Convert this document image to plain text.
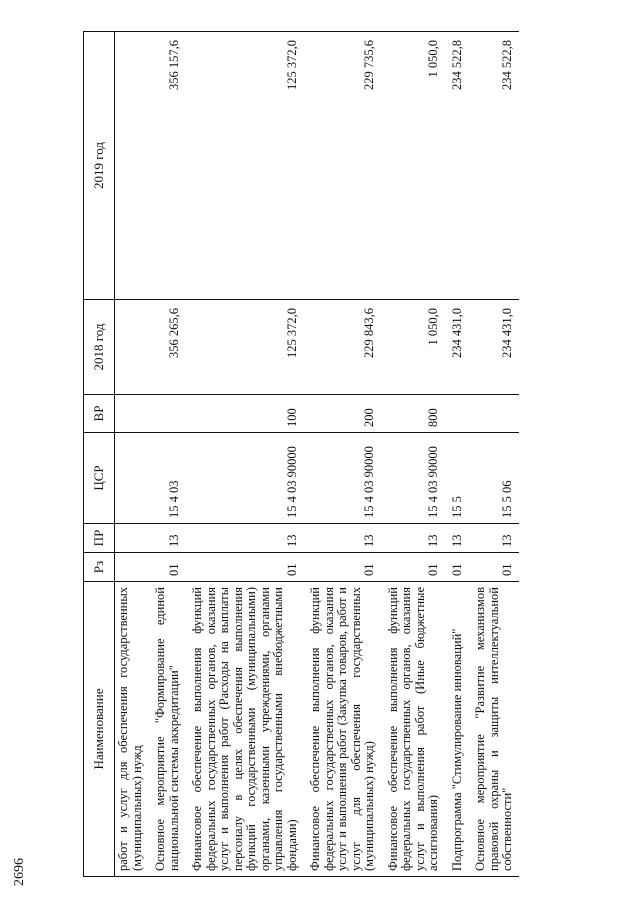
2696
Наименование	Рз	ПР	ЦСР	ВР	2018 год	2019 год
работ и услуг для обеспечения государственных (муниципальных) нужд						
Основное мероприятие "Формирование единой национальной системы аккредитации"	01	13	15 4 03		356 265,6	356 157,6
Финансовое обеспечение выполнения функций федеральных государственных органов, оказания услуг и выполнения работ (Расходы на выплаты персоналу в целях обеспечения выполнения функций государственными (муниципальными) органами, казенными учреждениями, органами управления государственными внебюджетными фондами)	01	13	15 4 03 90000	100	125 372,0	125 372,0
Финансовое обеспечение выполнения функций федеральных государственных органов, оказания услуг и выполнения работ (Закупка товаров, работ и услуг для обеспечения государственных (муниципальных) нужд)	01	13	15 4 03 90000	200	229 843,6	229 735,6
Финансовое обеспечение выполнения функций федеральных государственных органов, оказания услуг и выполнения работ (Иные бюджетные ассигнования)	01	13	15 4 03 90000	800	1 050,0	1 050,0
Подпрограмма "Стимулирование инноваций"	01	13	15 5		234 431,0	234 522,8
Основное мероприятие "Развитие механизмов правовой охраны и защиты интеллектуальной собственности"	01	13	15 5 06		234 431,0	234 522,8
